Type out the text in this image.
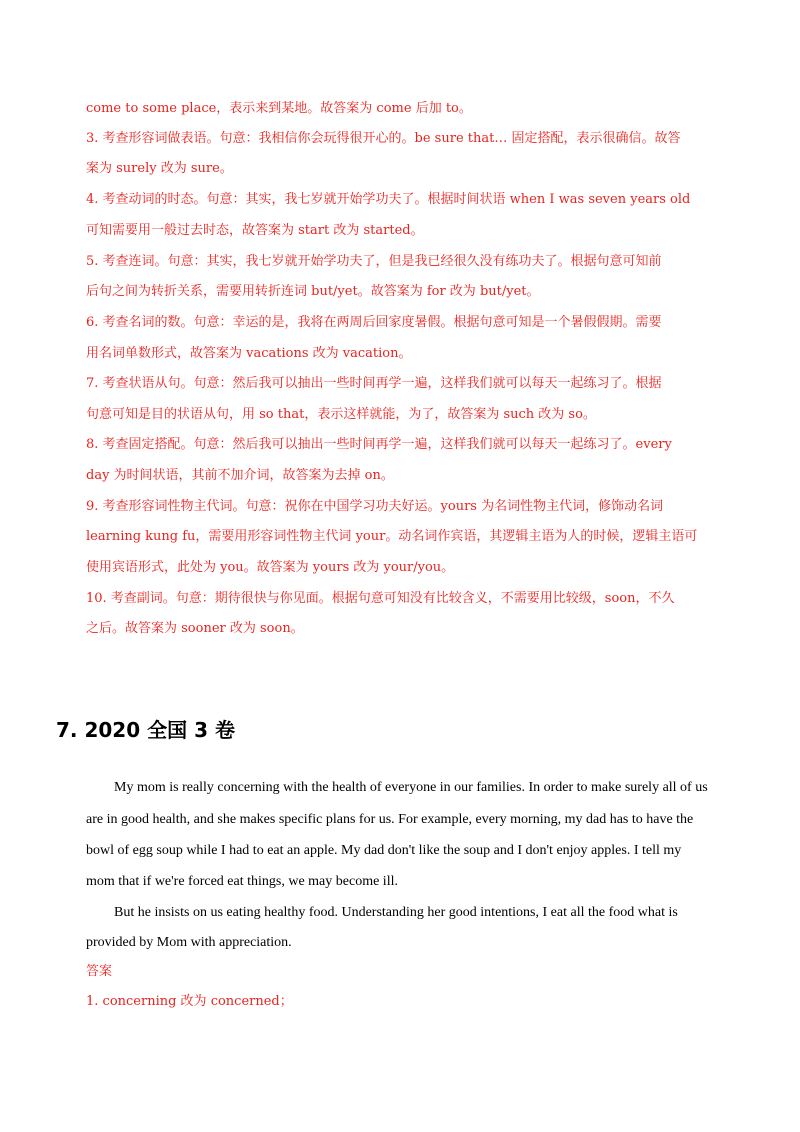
come to some place，表示来到某地。故答案为 come 后加 to。
3. 考查形容词做表语。句意：我相信你会玩得很开心的。be sure that… 固定搭配，表示很确信。故答
案为 surely 改为 sure。
4. 考查动词的时态。句意：其实，我七岁就开始学功夫了。根据时间状语 when I was seven years old
可知需要用一般过去时态，故答案为 start 改为 started。
5. 考查连词。句意：其实，我七岁就开始学功夫了，但是我已经很久没有练功夫了。根据句意可知前
后句之间为转折关系，需要用转折连词 but/yet。故答案为 for 改为 but/yet。
6. 考查名词的数。句意：幸运的是，我将在两周后回家度暑假。根据句意可知是一个暑假假期。需要
用名词单数形式，故答案为 vacations 改为 vacation。
7. 考查状语从句。句意：然后我可以抽出一些时间再学一遍，这样我们就可以每天一起练习了。根据
句意可知是目的状语从句，用 so that，表示这样就能，为了，故答案为 such 改为 so。
8. 考查固定搭配。句意：然后我可以抽出一些时间再学一遍，这样我们就可以每天一起练习了。every
day 为时间状语，其前不加介词，故答案为去掉 on。
9. 考查形容词性物主代词。句意：祝你在中国学习功夫好运。yours 为名词性物主代词，修饰动名词
learning kung fu，需要用形容词性物主代词 your。动名词作宾语，其逻辑主语为人的时候，逻辑主语可
使用宾语形式，此处为 you。故答案为 yours 改为 your/you。
10. 考查副词。句意：期待很快与你见面。根据句意可知没有比较含义，不需要用比较级，soon，不久
之后。故答案为 sooner 改为 soon。
7. 2020 全国 3 卷
My mom is really concerning with the health of everyone in our families. In order to make surely all of us
are in good health, and she makes specific plans for us. For example, every morning, my dad has to have the
bowl of egg soup while I had to eat an apple. My dad don't like the soup and I don't enjoy apples. I tell my
mom that if we're forced eat things, we may become ill.
But he insists on us eating healthy food. Understanding her good intentions, I eat all the food what is
provided by Mom with appreciation.
答案
1. concerning 改为 concerned；
